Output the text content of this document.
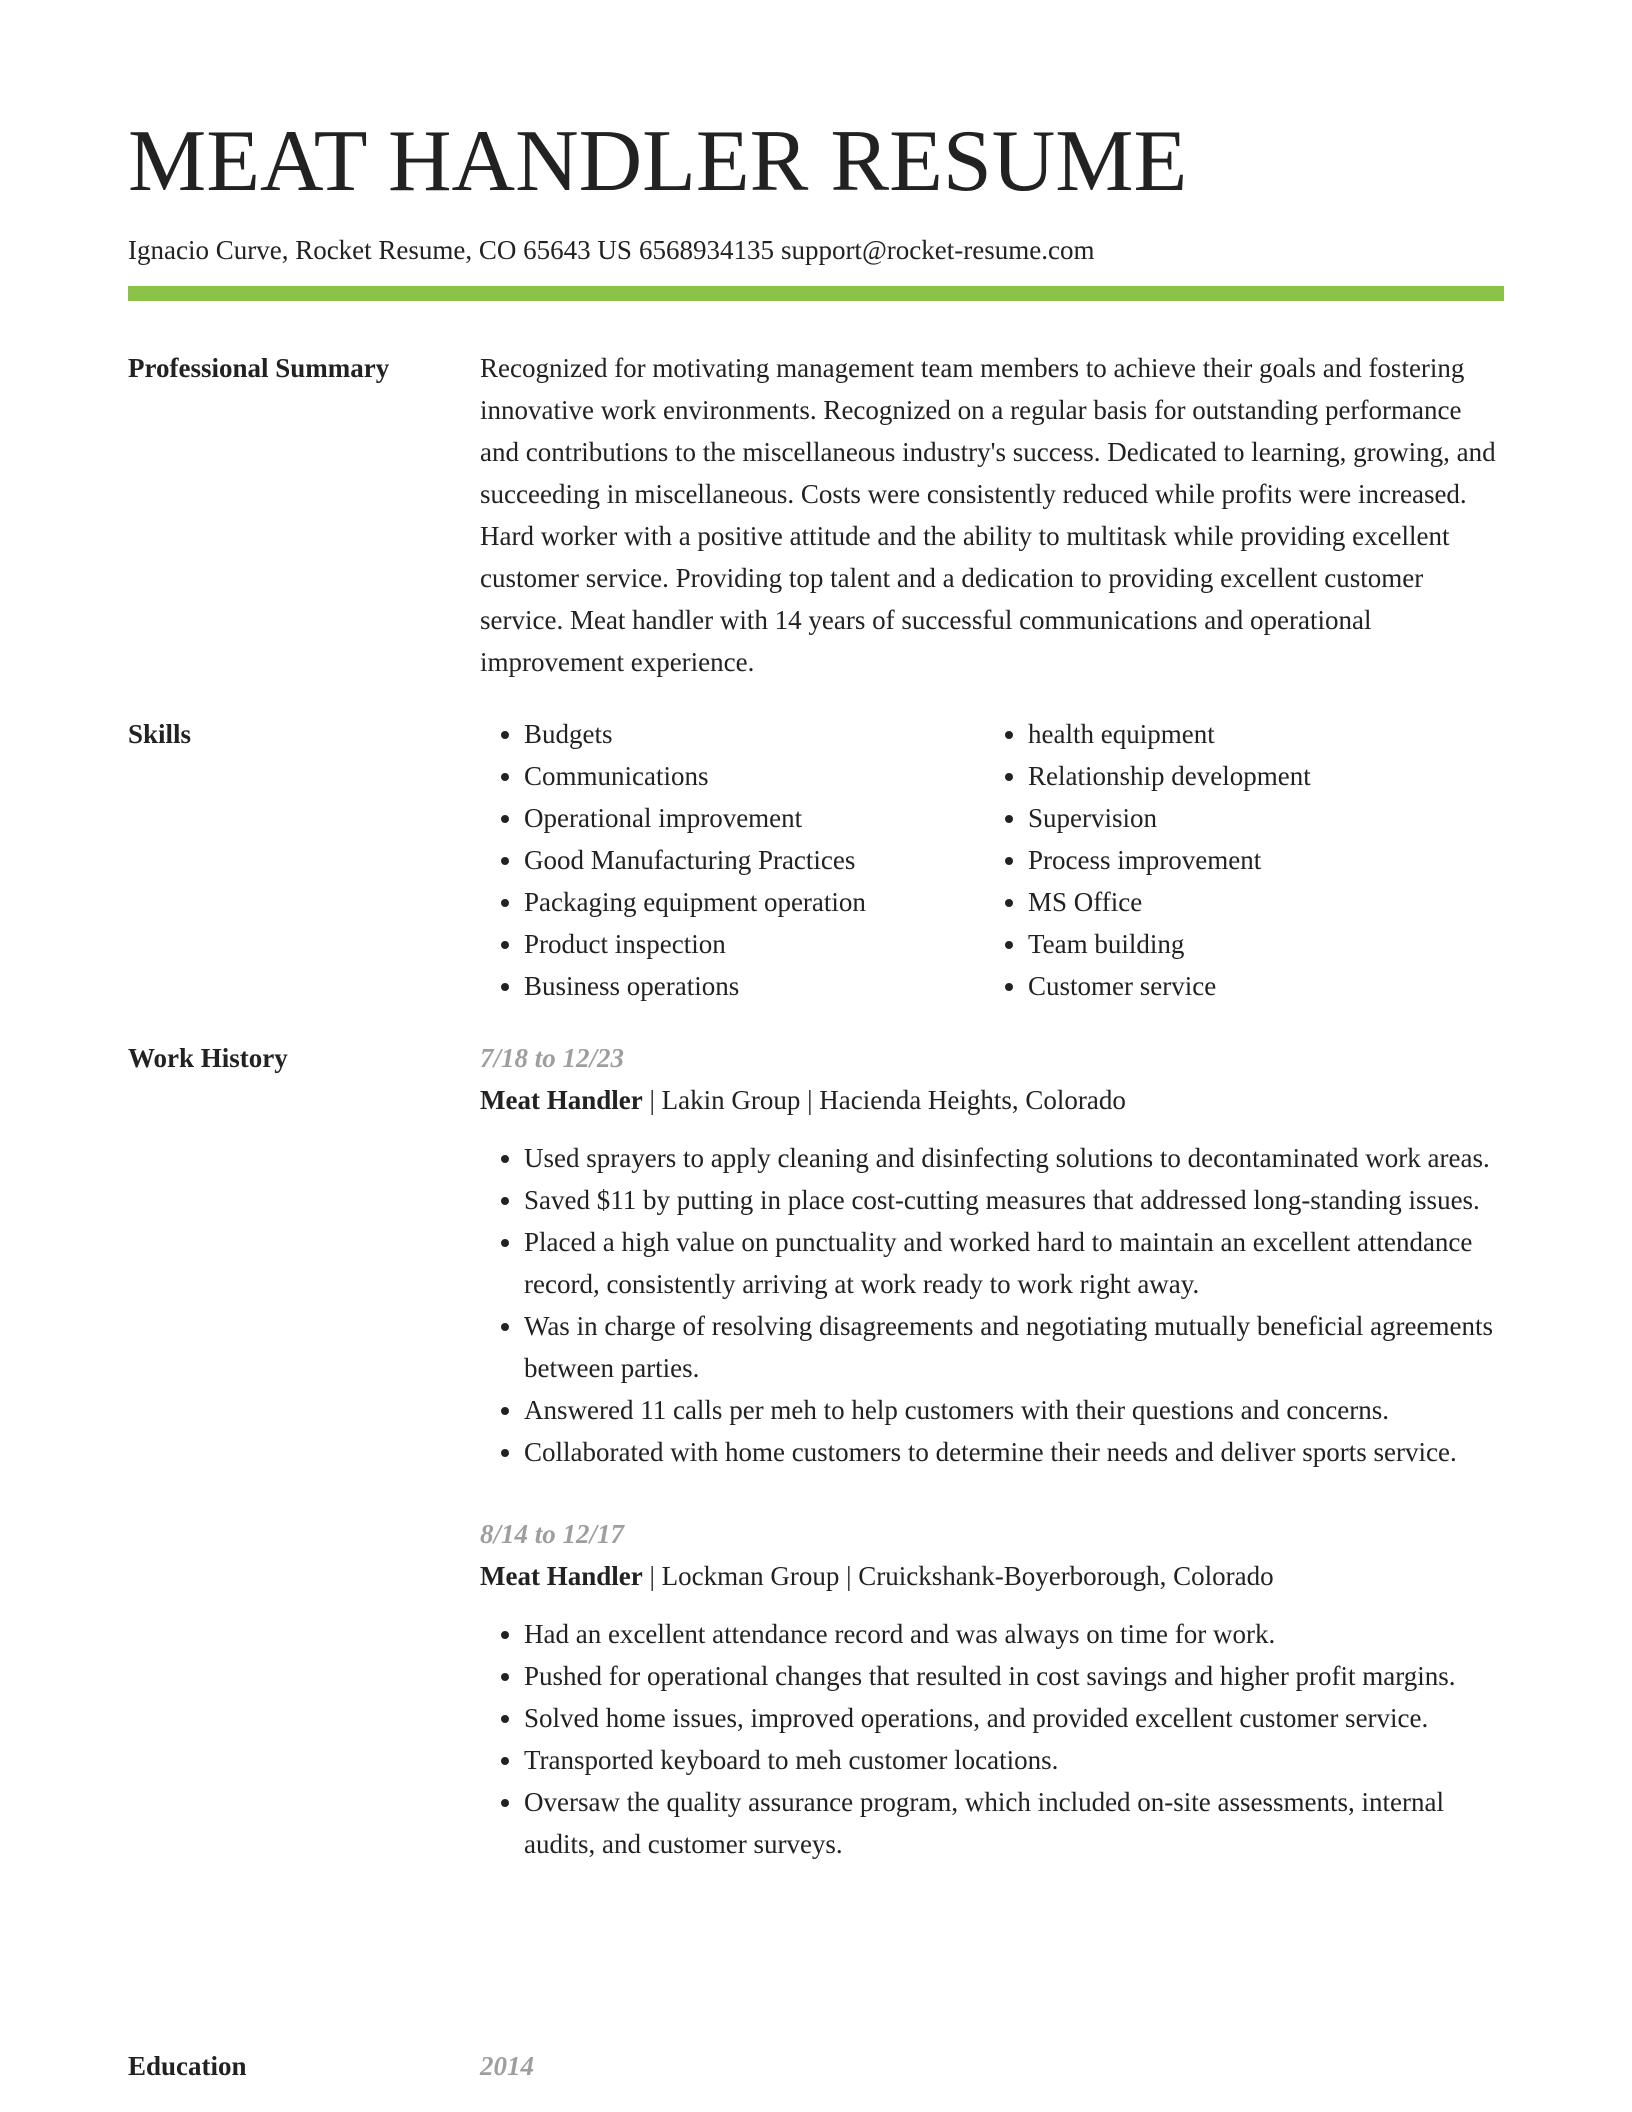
MEAT HANDLER RESUME
Ignacio Curve, Rocket Resume, CO 65643 US 6568934135 support@rocket-resume.com
Professional Summary	Recognized for motivating management team members to achieve their goals and fostering innovative work environments. Recognized on a regular basis for outstanding performance and contributions to the miscellaneous industry's success. Dedicated to learning, growing, and succeeding in miscellaneous. Costs were consistently reduced while profits were increased. Hard worker with a positive attitude and the ability to multitask while providing excellent customer service. Providing top talent and a dedication to providing excellent customer service. Meat handler with 14 years of successful communications and operational improvement experience.

Skills
•	Budgets
• Communications
• Operational improvement
• Good Manufacturing Practices
• Packaging equipment operation
• Product inspection
• Business operations
• health equipment
• Relationship development
• Supervision
• Process improvement
• MS Office
• Team building
• Customer service
Work History	7/18 to 12/23
Meat Handler | Lakin Group | Hacienda Heights, Colorado
• Used sprayers to apply cleaning and disinfecting solutions to decontaminated work areas.
• Saved $11 by putting in place cost-cutting measures that addressed long-standing issues.
• Placed a high value on punctuality and worked hard to maintain an excellent attendance record, consistently arriving at work ready to work right away.
• Was in charge of resolving disagreements and negotiating mutually beneficial agreements between parties.
• Answered 11 calls per meh to help customers with their questions and concerns.
• Collaborated with home customers to determine their needs and deliver sports service.
8/14 to 12/17
Meat Handler | Lockman Group | Cruickshank-Boyerborough, Colorado
• Had an excellent attendance record and was always on time for work.
• Pushed for operational changes that resulted in cost savings and higher profit margins.
• Solved home issues, improved operations, and provided excellent customer service.
• Transported keyboard to meh customer locations.
• Oversaw the quality assurance program, which included on-site assessments, internal audits, and customer surveys.
Education	2014
